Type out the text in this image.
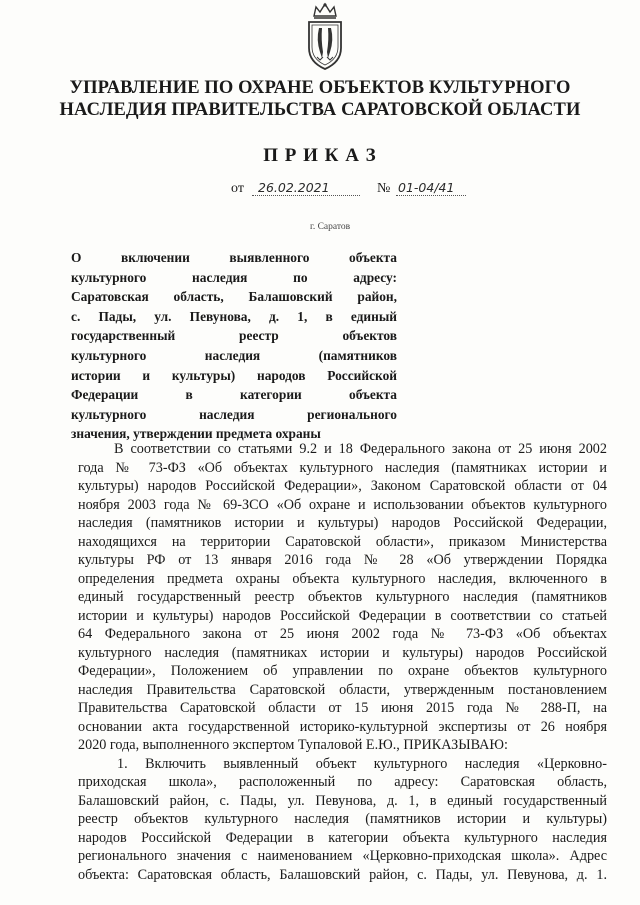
УПРАВЛЕНИЕ ПО ОХРАНЕ ОБЪЕКТОВ КУЛЬТУРНОГО
НАСЛЕДИЯ ПРАВИТЕЛЬСТВА САРАТОВСКОЙ ОБЛАСТИ
П Р И К А З
от 26.02.2021	№ 01-04/41
г. Саратов
О включении выявленного объекта
культурного наследия по адресу:
Саратовская область, Балашовский район,
с. Пады, ул. Певунова, д. 1, в единый
государственный реестр объектов
культурного наследия (памятников
истории и культуры) народов Российской
Федерации в категории объекта
культурного наследия регионального
значения, утверждении предмета охраны
В соответствии со статьями 9.2 и 18 Федерального закона от 25 июня 2002
года № 73-ФЗ «Об объектах культурного наследия (памятниках истории и
культуры) народов Российской Федерации», Законом Саратовской области от 04
ноября 2003 года № 69-ЗСО «Об охране и использовании объектов культурного
наследия (памятников истории и культуры) народов Российской Федерации,
находящихся на территории Саратовской области», приказом Министерства
культуры РФ от 13 января 2016 года № 28 «Об утверждении Порядка
определения предмета охраны объекта культурного наследия, включенного в
единый государственный реестр объектов культурного наследия (памятников
истории и культуры) народов Российской Федерации в соответствии со статьей
64 Федерального закона от 25 июня 2002 года № 73-ФЗ «Об объектах
культурного наследия (памятниках истории и культуры) народов Российской
Федерации», Положением об управлении по охране объектов культурного
наследия Правительства Саратовской области, утвержденным постановлением
Правительства Саратовской области от 15 июня 2015 года № 288-П, на
основании акта государственной историко-культурной экспертизы от 26 ноября
2020 года, выполненного экспертом Тупаловой Е.Ю., ПРИКАЗЫВАЮ:
1. Включить выявленный объект культурного наследия «Церковно-
приходская школа», расположенный по адресу: Саратовская область,
Балашовский район, с. Пады, ул. Певунова, д. 1, в единый государственный
реестр объектов культурного наследия (памятников истории и культуры)
народов Российской Федерации в категории объекта культурного наследия
регионального значения с наименованием «Церковно-приходская школа». Адрес
объекта: Саратовская область, Балашовский район, с. Пады, ул. Певунова, д. 1.
